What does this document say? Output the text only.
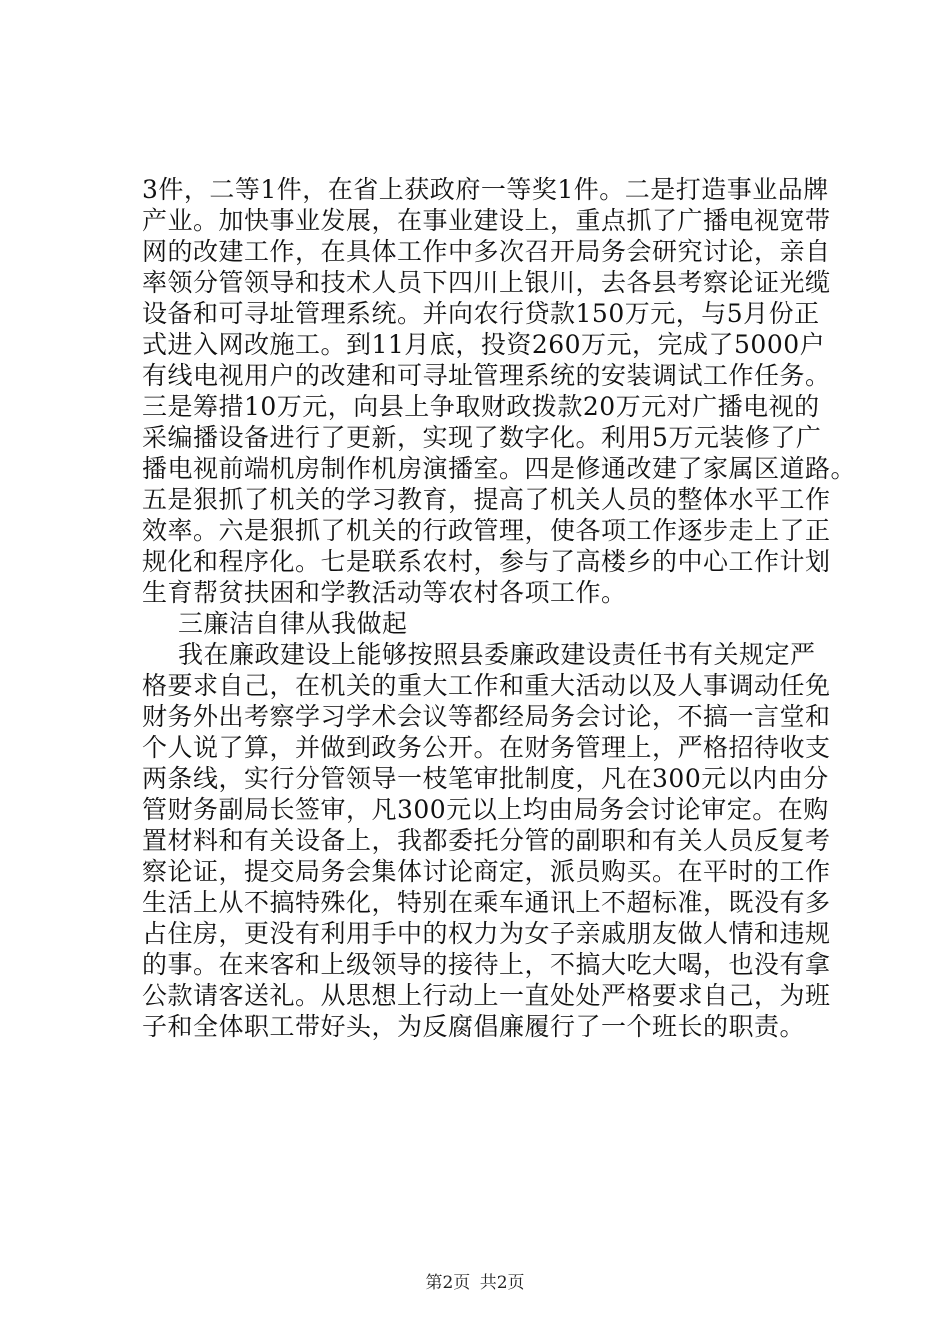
3件，二等1件，在省上获政府一等奖1件。二是打造事业品牌
产业。加快事业发展，在事业建设上，重点抓了广播电视宽带
网的改建工作，在具体工作中多次召开局务会研究讨论，亲自
率领分管领导和技术人员下四川上银川，去各县考察论证光缆
设备和可寻址管理系统。并向农行贷款150万元，与5月份正
式进入网改施工。到11月底，投资260万元，完成了5000户
有线电视用户的改建和可寻址管理系统的安装调试工作任务。
三是筹措10万元，向县上争取财政拨款20万元对广播电视的
采编播设备进行了更新，实现了数字化。利用5万元装修了广
播电视前端机房制作机房演播室。四是修通改建了家属区道路。
五是狠抓了机关的学习教育，提高了机关人员的整体水平工作
效率。六是狠抓了机关的行政管理，使各项工作逐步走上了正
规化和程序化。七是联系农村，参与了高楼乡的中心工作计划
生育帮贫扶困和学教活动等农村各项工作。
三廉洁自律从我做起
我在廉政建设上能够按照县委廉政建设责任书有关规定严
格要求自己，在机关的重大工作和重大活动以及人事调动任免
财务外出考察学习学术会议等都经局务会讨论，不搞一言堂和
个人说了算，并做到政务公开。在财务管理上，严格招待收支
两条线，实行分管领导一枝笔审批制度，凡在300元以内由分
管财务副局长签审，凡300元以上均由局务会讨论审定。在购
置材料和有关设备上，我都委托分管的副职和有关人员反复考
察论证，提交局务会集体讨论商定，派员购买。在平时的工作
生活上从不搞特殊化，特别在乘车通讯上不超标准，既没有多
占住房，更没有利用手中的权力为女子亲戚朋友做人情和违规
的事。在来客和上级领导的接待上，不搞大吃大喝，也没有拿
公款请客送礼。从思想上行动上一直处处严格要求自己，为班
子和全体职工带好头，为反腐倡廉履行了一个班长的职责。
第2页 共2页
